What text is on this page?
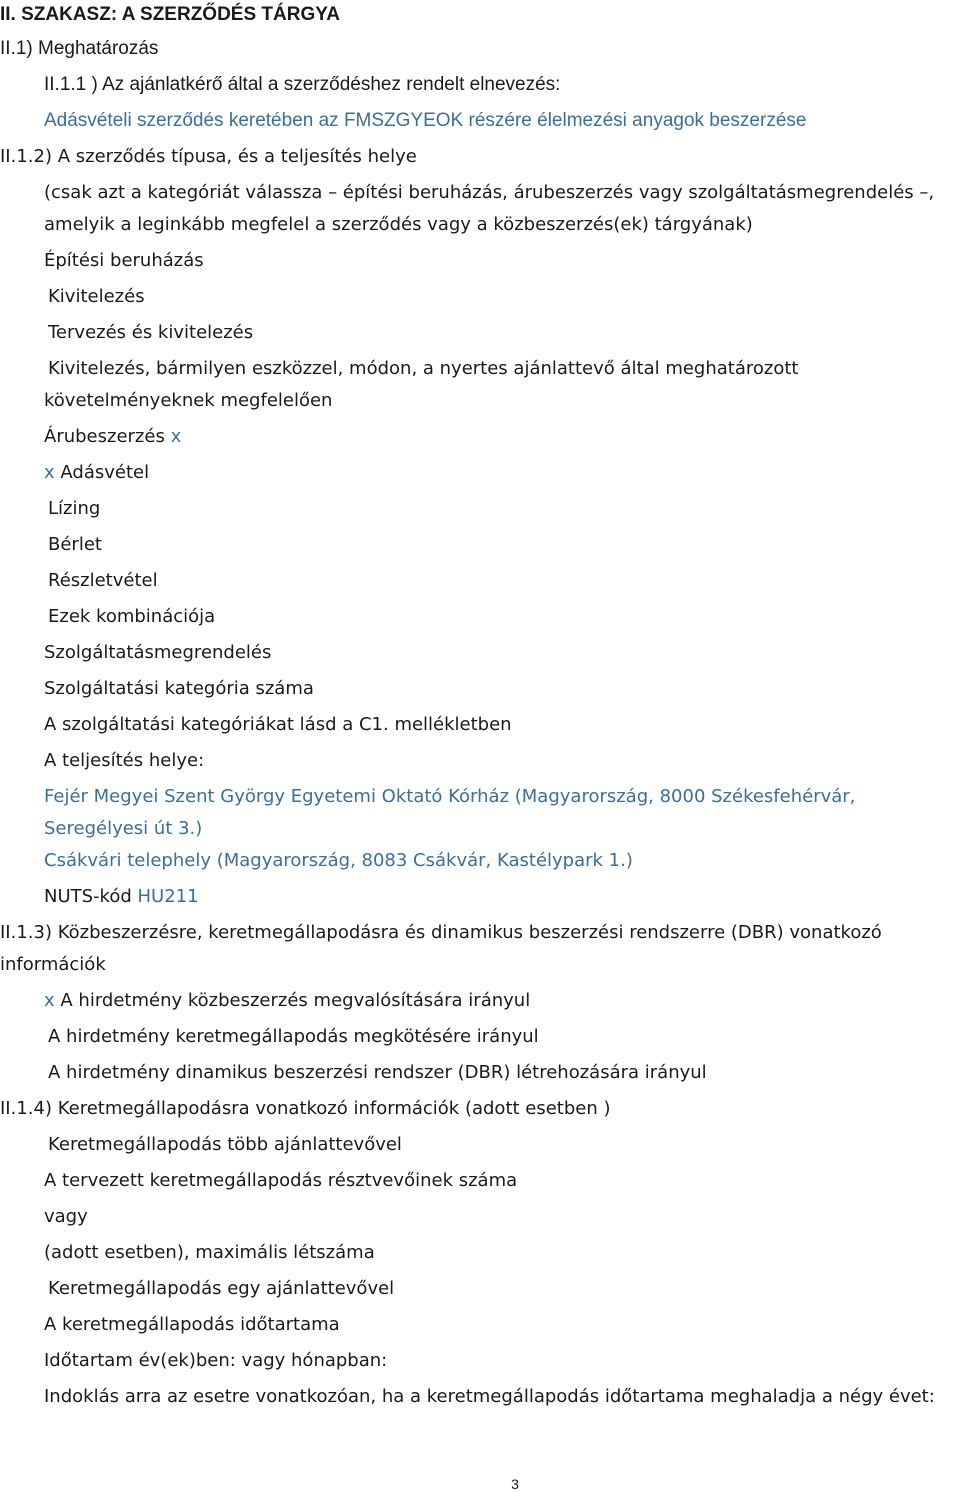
II. SZAKASZ: A SZERZŐDÉS TÁRGYA

II.1) Meghatározás

II.1.1 ) Az ajánlatkérő által a szerződéshez rendelt elnevezés:

Adásvételi szerződés keretében az FMSZGYEOK részére élelmezési anyagok beszerzése

II.1.2) A szerződés típusa, és a teljesítés helye

(csak azt a kategóriát válassza – építési beruházás, árubeszerzés vagy szolgáltatásmegrendelés –,

amelyik a leginkább megfelel a szerződés vagy a közbeszerzés(ek) tárgyának)

Építési beruházás

Kivitelezés

Tervezés és kivitelezés

Kivitelezés, bármilyen eszközzel, módon, a nyertes ajánlattevő által meghatározott

követelményeknek megfelelően

Árubeszerzés x

x Adásvétel

Lízing

Bérlet

Részletvétel

Ezek kombinációja

Szolgáltatásmegrendelés

Szolgáltatási kategória száma

A szolgáltatási kategóriákat lásd a C1. mellékletben

A teljesítés helye:

Fejér Megyei Szent György Egyetemi Oktató Kórház (Magyarország, 8000 Székesfehérvár,

Seregélyesi út 3.)

Csákvári telephely (Magyarország, 8083 Csákvár, Kastélypark 1.)

NUTS-kód HU211

II.1.3) Közbeszerzésre, keretmegállapodásra és dinamikus beszerzési rendszerre (DBR) vonatkozó

információk

x A hirdetmény közbeszerzés megvalósítására irányul

A hirdetmény keretmegállapodás megkötésére irányul

A hirdetmény dinamikus beszerzési rendszer (DBR) létrehozására irányul

II.1.4) Keretmegállapodásra vonatkozó információk (adott esetben )

Keretmegállapodás több ajánlattevővel

A tervezett keretmegállapodás résztvevőinek száma

vagy

(adott esetben), maximális létszáma

Keretmegállapodás egy ajánlattevővel

A keretmegállapodás időtartama

Időtartam év(ek)ben: vagy hónapban:

Indoklás arra az esetre vonatkozóan, ha a keretmegállapodás időtartama meghaladja a négy évet:

3
